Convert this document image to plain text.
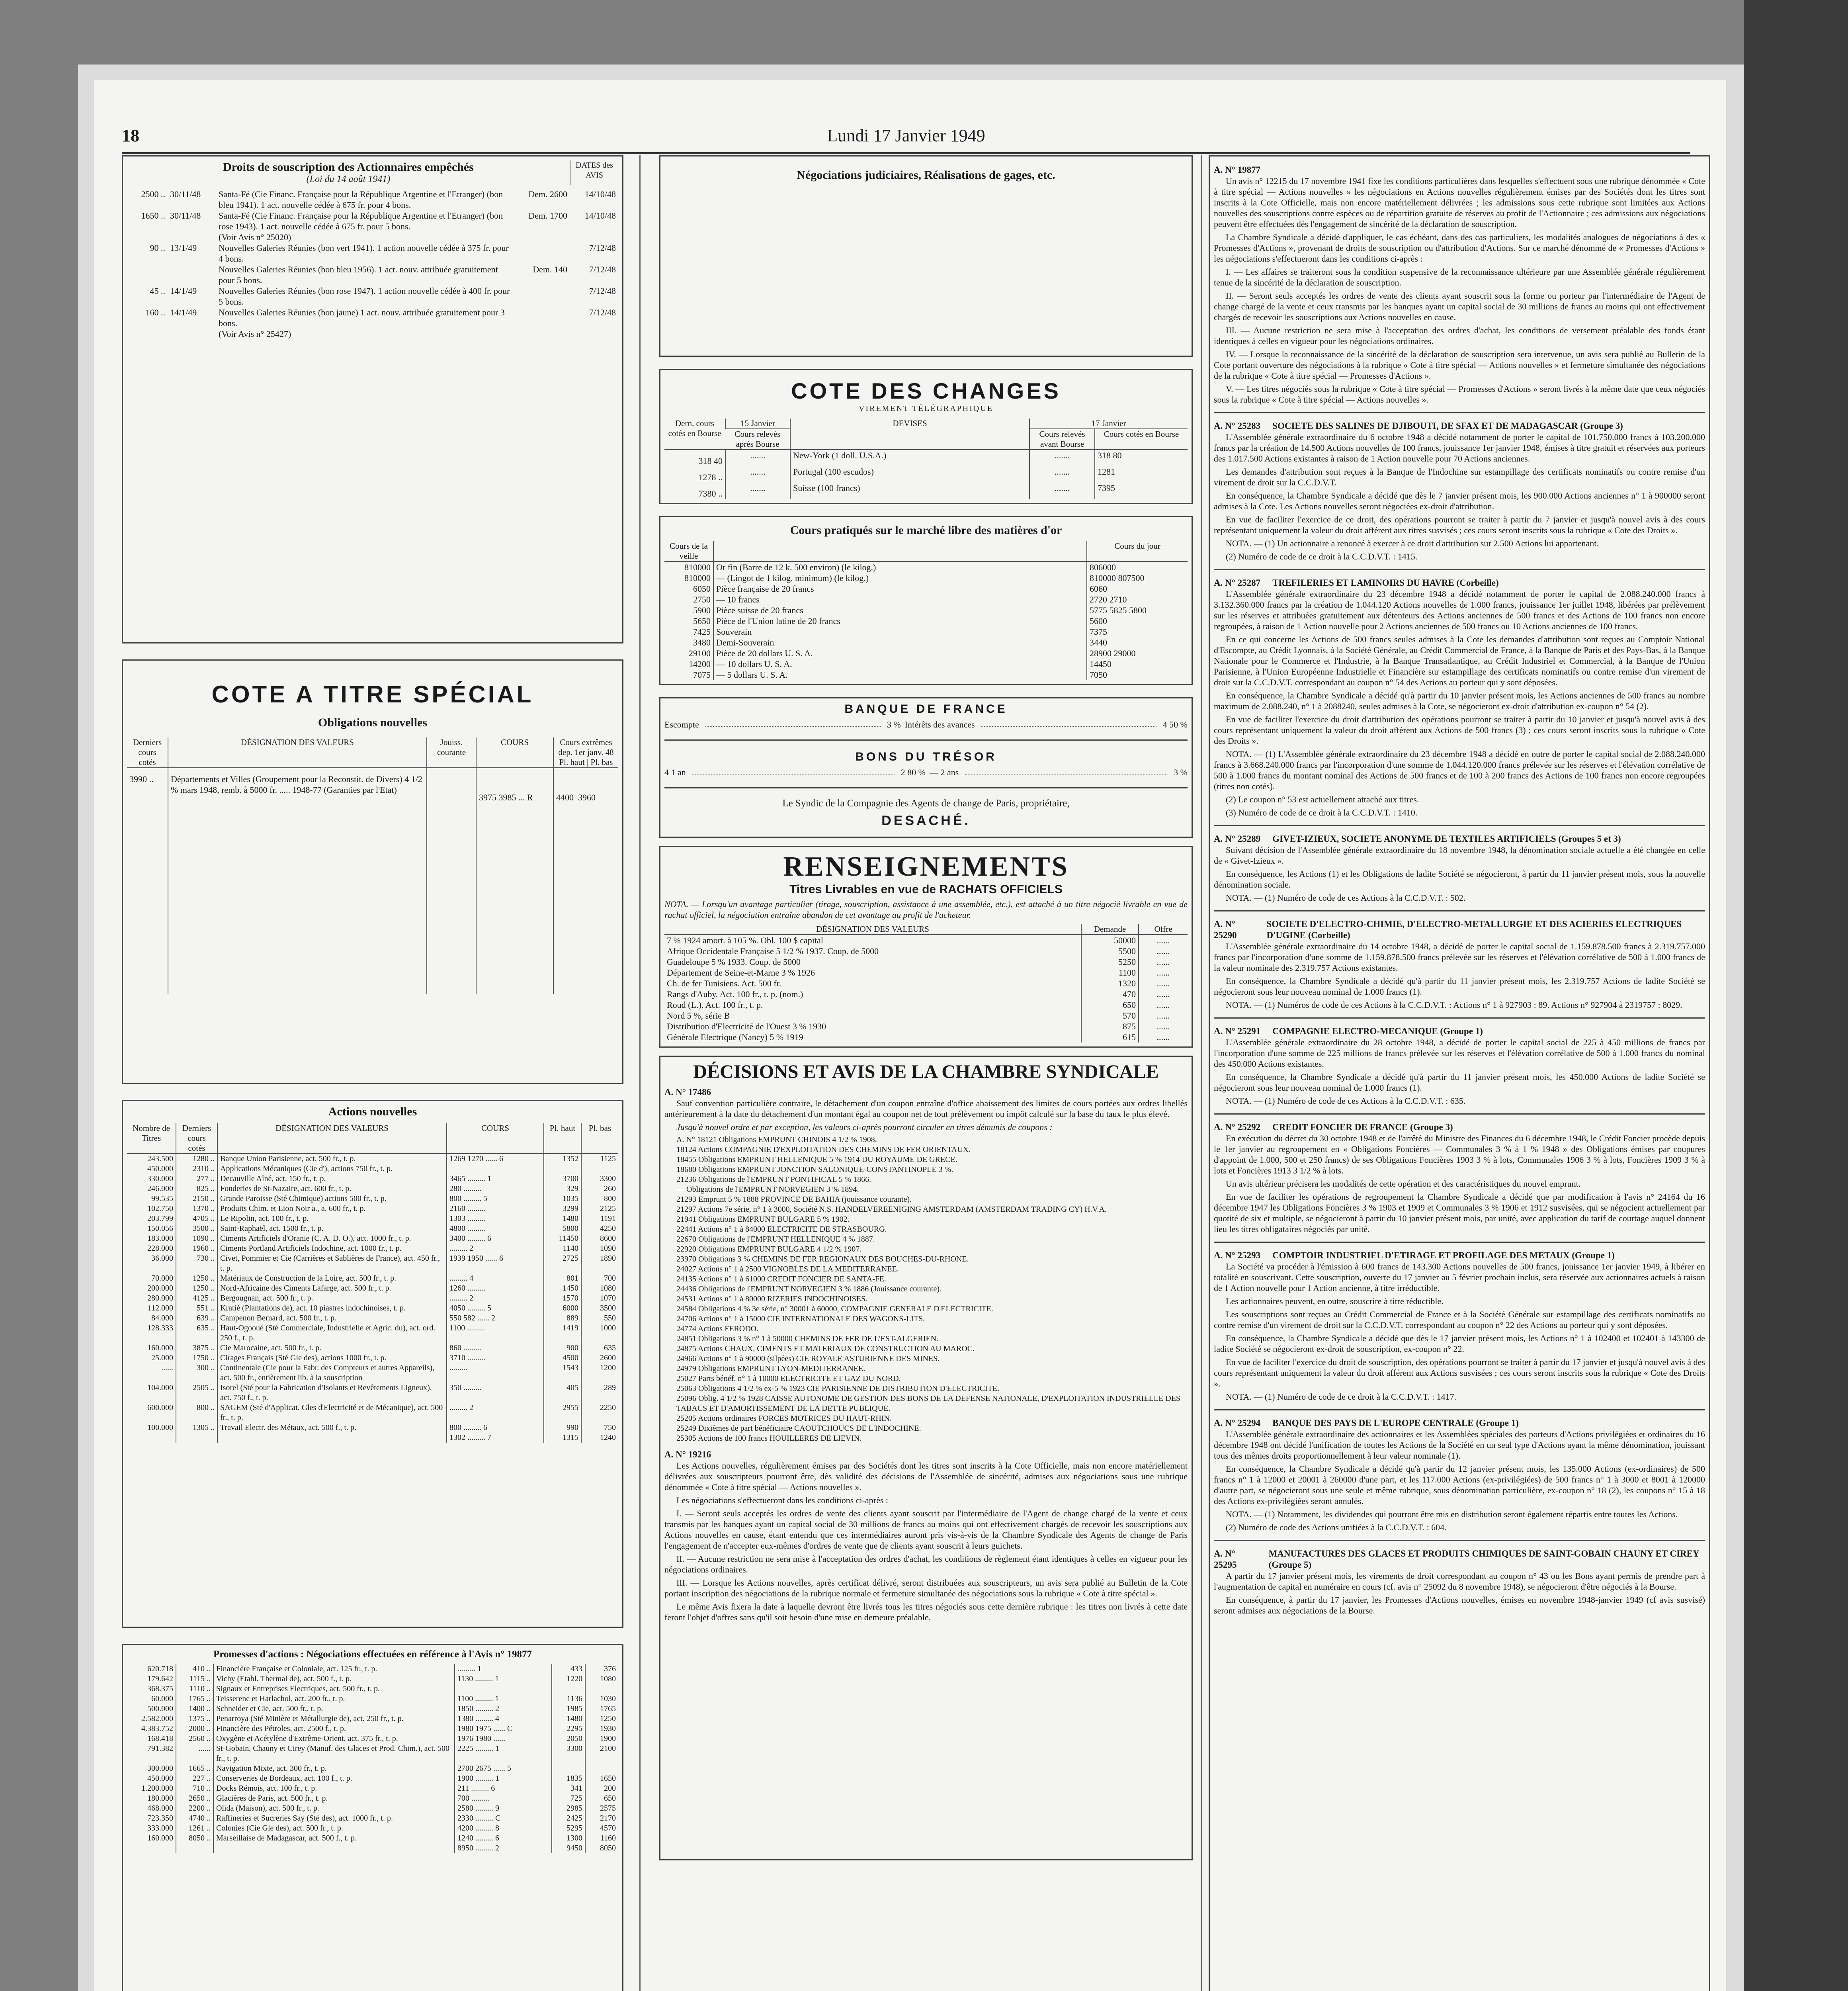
18	Lundi 17 Janvier 1949
Droits de souscription des Actionnaires empêchés
(Loi du 14 août 1941)
DATES des AVIS
2500 ..	30/11/48	Santa-Fé (Cie Financ. Française pour la République Argentine et l'Etranger) (bon bleu 1941). 1 act. nouvelle cédée à 675 fr. pour 4 bons.	Dem. 2600	14/10/48
1650 ..	30/11/48	Santa-Fé (Cie Financ. Française pour la République Argentine et l'Etranger) (bon rose 1943). 1 act. nouvelle cédée à 675 fr. pour 5 bons.	Dem. 1700	14/10/48
		(Voir Avis n° 25020)		
90 ..	13/1/49	Nouvelles Galeries Réunies (bon vert 1941). 1 action nouvelle cédée à 375 fr. pour 4 bons.		7/12/48
		Nouvelles Galeries Réunies (bon bleu 1956). 1 act. nouv. attribuée gratuitement pour 5 bons.	Dem. 140	7/12/48
45 ..	14/1/49	Nouvelles Galeries Réunies (bon rose 1947). 1 action nouvelle cédée à 400 fr. pour 5 bons.		7/12/48
160 ..	14/1/49	Nouvelles Galeries Réunies (bon jaune) 1 act. nouv. attribuée gratuitement pour 3 bons.		7/12/48
		(Voir Avis n° 25427)		
COTE A TITRE SPÉCIAL
Obligations nouvelles
Derniers cours cotés	DÉSIGNATION DES VALEURS	Jouiss. courante	COURS	Cours extrêmes dep. 1er janv. 48
Pl. haut | Pl. bas
3990 ..	Départements et Villes (Groupement pour la Reconstit. de Divers) 4 1/2 % mars 1948, remb. à 5000 fr. ..... 1948-77 (Garanties par l'Etat)		3975 3985 ... R	4400 3960

Actions nouvelles
Nombre de Titres	Derniers cours cotés	DÉSIGNATION DES VALEURS	COURS	Pl. haut	Pl. bas
243.500	1280 ..	Banque Union Parisienne, act. 500 fr., t. p.	1269 1270 ...... 6	1352	1125
450.000	2310 ..	Applications Mécaniques (Cie d'), actions 750 fr., t. p.			
330.000	277 ..	Decauville Aîné, act. 150 fr., t. p.	3465 ......... 1	3700	3300
246.000	825 ..	Fonderies de St-Nazaire, act. 600 fr., t. p.	280 .........	329	260
99.535	2150 ..	Grande Paroisse (Sté Chimique) actions 500 fr., t. p.	800 ......... 5	1035	800
102.750	1370 ..	Produits Chim. et Lion Noir a., a. 600 fr., t. p.	2160 .........	3299	2125
203.799	4705 ..	Le Ripolin, act. 100 fr., t. p.	1303 .........	1480	1191
150.056	3500 ..	Saint-Raphaël, act. 1500 fr., t. p.	4800 .........	5800	4250
183.000	1090 ..	Ciments Artificiels d'Oranie (C. A. D. O.), act. 1000 fr., t. p.	3400 ......... 6	11450	8600
228.000	1960 ..	Ciments Portland Artificiels Indochine, act. 1000 fr., t. p.	......... 2	1140	1090
36.000	730 ..	Civet, Pommier et Cie (Carrières et Sablières de France), act. 450 fr., t. p.	1939 1950 ...... 6	2725	1890
70.000	1250 ..	Matériaux de Construction de la Loire, act. 500 fr., t. p.	......... 4	801	700
200.000	1250 ..	Nord-Africaine des Ciments Lafarge, act. 500 fr., t. p.	1260 .........	1450	1080
280.000	4125 ..	Bergougnan, act. 500 fr., t. p.	......... 2	1570	1070
112.000	551 ..	Kratié (Plantations de), act. 10 piastres indochinoises, t. p.	4050 ......... 5	6000	3500
84.000	639 ..	Campenon Bernard, act. 500 fr., t. p.	550 582 ...... 2	889	550
128.333	635 ..	Haut-Ogooué (Sté Commerciale, Industrielle et Agric. du), act. ord. 250 f., t. p.	1100 .........	1419	1000
160.000	3875 ..	Cie Marocaine, act. 500 fr., t. p.	860 .........	900	635
25.000	1750 ..	Cirages Français (Sté Gle des), actions 1000 fr., t. p.	3710 .........	4500	2600
......	300 ..	Continentale (Cie pour la Fabr. des Compteurs et autres Appareils), act. 500 fr., entièrement lib. à la souscription	.........	1543	1200
104.000	2505 ..	Isorel (Sté pour la Fabrication d'Isolants et Revêtements Ligneux), act. 750 f., t. p.	350 .........	405	289
600.000	800 ..	SAGEM (Sté d'Applicat. Gles d'Electricité et de Mécanique), act. 500 fr., t. p.	......... 2	2955	2250
100.000	1305 ..	Travail Electr. des Métaux, act. 500 f., t. p.	800 ......... 6	990	750
			1302 ......... 7	1315	1240
Promesses d'actions : Négociations effectuées en référence à l'Avis n° 19877
620.718	410 ..	Financière Française et Coloniale, act. 125 fr., t. p.	......... 1	433	376
179.642	1115 ..	Vichy (Etabl. Thermal de), act. 500 f., t. p.	1130 ......... 1	1220	1080
368.375	1110 ..	Signaux et Entreprises Electriques, act. 500 fr., t. p.			
60.000	1765 ..	Teisserenc et Harlachol, act. 200 fr., t. p.	1100 ......... 1	1136	1030
500.000	1400 ..	Schneider et Cie, act. 500 fr., t. p.	1850 ......... 2	1985	1765
2.582.000	1375 ..	Penarroya (Sté Minière et Métallurgie de), act. 250 fr., t. p.	1380 ......... 4	1480	1250
4.383.752	2000 ..	Financière des Pétroles, act. 2500 f., t. p.	1980 1975 ...... C	2295	1930
168.418	2560 ..	Oxygène et Acétylène d'Extrême-Orient, act. 375 fr., t. p.	1976 1980 ......	2050	1900
791.382	......	St-Gobain, Chauny et Cirey (Manuf. des Glaces et Prod. Chim.), act. 500 fr., t. p.	2225 ......... 1	3300	2100
300.000	1665 ..	Navigation Mixte, act. 300 fr., t. p.	2700 2675 ...... 5		
450.000	227 ..	Conserveries de Bordeaux, act. 100 f., t. p.	1900 ......... 1	1835	1650
1.200.000	710 ..	Docks Rémois, act. 100 fr., t. p.	211 ......... 6	341	200
180.000	2650 ..	Glacières de Paris, act. 500 fr., t. p.	700 .........	725	650
468.000	2200 ..	Olida (Maison), act. 500 fr., t. p.	2580 ......... 9	2985	2575
723.350	4740 ..	Raffineries et Sucreries Say (Sté des), act. 1000 fr., t. p.	2330 ......... C	2425	2170
333.000	1261 ..	Colonies (Cie Gle des), act. 500 fr., t. p.	4200 ......... 8	5295	4570
160.000	8050 ..	Marseillaise de Madagascar, act. 500 f., t. p.	1240 ......... 6	1300	1160
			8950 ......... 2	9450	8050
Négociations judiciaires, Réalisations de gages, etc.
COTE DES CHANGES
VIREMENT TÉLÉGRAPHIQUE
Dern. cours cotés en Bourse	15 Janvier	DEVISES	17 Janvier	
	Cours relevés après Bourse		Cours relevés avant Bourse	Cours cotés en Bourse
318 40	.......	New-York (1 doll. U.S.A.)	.......	318 80
1278 ..	.......	Portugal (100 escudos)	.......	1281
7380 ..	.......	Suisse (100 francs)	.......	7395
Cours pratiqués sur le marché libre des matières d'or
Cours de la veille		Cours du jour
810000	Or fin (Barre de 12 k. 500 environ) (le kilog.)	806000
810000	— (Lingot de 1 kilog. minimum) (le kilog.)	810000 807500
6050	Pièce française de 20 francs	6060
2750	— 10 francs	2720 2710
5900	Pièce suisse de 20 francs	5775 5825 5800
5650	Pièce de l'Union latine de 20 francs	5600
7425	Souverain	7375
3480	Demi-Souverain	3440
29100	Pièce de 20 dollars U. S. A.	28900 29000
14200	— 10 dollars U. S. A.	14450
7075	— 5 dollars U. S. A.	7050
BANQUE DE FRANCE
Escompte	3 % Intérêts des avances	4 50 %
BONS DU TRÉSOR
4 1 an	2 80 % — 2 ans	3 %
Le Syndic de la Compagnie des Agents de change de Paris, propriétaire,
DESACHÉ.
RENSEIGNEMENTS
Titres Livrables en vue de RACHATS OFFICIELS
NOTA. — Lorsqu'un avantage particulier (tirage, souscription, assistance à une assemblée, etc.), est attaché à un titre négocié livrable en vue de rachat officiel, la négociation entraîne abandon de cet avantage au profit de l'acheteur.
DÉSIGNATION DES VALEURS	Demande	Offre
7 % 1924 amort. à 105 %. Obl. 100 $ capital	50000	......
Afrique Occidentale Française 5 1/2 % 1937. Coup. de 5000	5500	......
Guadeloupe 5 % 1933. Coup. de 5000	5250	......
Département de Seine-et-Marne 3 % 1926	1100	......
Ch. de fer Tunisiens. Act. 500 fr.	1320	......
Rangs d'Auby. Act. 100 fr., t. p. (nom.)	470	......
Roud (L.). Act. 100 fr., t. p.	650	......
Nord 5 %, série B	570	......
Distribution d'Electricité de l'Ouest 3 % 1930	875	......
Générale Electrique (Nancy) 5 % 1919	615	......
DÉCISIONS ET AVIS DE LA CHAMBRE SYNDICALE
A. N° 17486

Sauf convention particulière contraire, le détachement d'un coupon entraîne d'office abaissement des limites de cours portées aux ordres libellés antérieurement à la date du détachement d'un montant égal au coupon net de tout prélèvement ou impôt calculé sur la base du taux le plus élevé.

Jusqu'à nouvel ordre et par exception, les valeurs ci-après pourront circuler en titres démunis de coupons :

A. N° 18121 Obligations EMPRUNT CHINOIS 4 1/2 % 1908.
18124 Actions COMPAGNIE D'EXPLOITATION DES CHEMINS DE FER ORIENTAUX.
18455 Obligations EMPRUNT HELLENIQUE 5 % 1914 DU ROYAUME DE GRECE.
18680 Obligations EMPRUNT JONCTION SALONIQUE-CONSTANTINOPLE 3 %.
21236 Obligations de l'EMPRUNT PONTIFICAL 5 % 1866.
— Obligations de l'EMPRUNT NORVEGIEN 3 % 1894.
21293 Emprunt 5 % 1888 PROVINCE DE BAHIA (jouissance courante).
21297 Actions 7e série, n° 1 à 3000, Société N.S. HANDELVEREENIGING AMSTERDAM (AMSTERDAM TRADING CY) H.V.A.
21941 Obligations EMPRUNT BULGARE 5 % 1902.
22441 Actions n° 1 à 84000 ELECTRICITE DE STRASBOURG.
22670 Obligations de l'EMPRUNT HELLENIQUE 4 % 1887.
22920 Obligations EMPRUNT BULGARE 4 1/2 % 1907.
23970 Obligations 3 % CHEMINS DE FER REGIONAUX DES BOUCHES-DU-RHONE.
24027 Actions n° 1 à 2500 VIGNOBLES DE LA MEDITERRANEE.
24135 Actions n° 1 à 61000 CREDIT FONCIER DE SANTA-FE.
24436 Obligations de l'EMPRUNT NORVEGIEN 3 % 1886 (Jouissance courante).
24531 Actions n° 1 à 80000 RIZERIES INDOCHINOISES.
24584 Obligations 4 % 3e série, n° 30001 à 60000, COMPAGNIE GENERALE D'ELECTRICITE.
24706 Actions n° 1 à 15000 CIE INTERNATIONALE DES WAGONS-LITS.
24774 Actions FERODO.
24851 Obligations 3 % n° 1 à 50000 CHEMINS DE FER DE L'EST-ALGERIEN.
24875 Actions CHAUX, CIMENTS ET MATERIAUX DE CONSTRUCTION AU MAROC.
24966 Actions n° 1 à 90000 (silpées) CIE ROYALE ASTURIENNE DES MINES.
24979 Obligations EMPRUNT LYON-MEDITERRANEE.
25027 Parts bénéf. n° 1 à 10000 ELECTRICITE ET GAZ DU NORD.
25063 Obligations 4 1/2 % ex-5 % 1923 CIE PARISIENNE DE DISTRIBUTION D'ELECTRICITE.
25096 Oblig. 4 1/2 % 1928 CAISSE AUTONOME DE GESTION DES BONS DE LA DEFENSE NATIONALE, D'EXPLOITATION INDUSTRIELLE DES TABACS ET D'AMORTISSEMENT DE LA DETTE PUBLIQUE.
25205 Actions ordinaires FORCES MOTRICES DU HAUT-RHIN.
25249 Dixièmes de part bénéficiaire CAOUTCHOUCS DE L'INDOCHINE.
25305 Actions de 100 francs HOUILLERES DE LIEVIN.
A. N° 19216

Les Actions nouvelles, régulièrement émises par des Sociétés dont les titres sont inscrits à la Cote Officielle, mais non encore matériellement délivrées aux souscripteurs pourront être, dès validité des décisions de l'Assemblée de sincérité, admises aux négociations sous une rubrique dénommée « Cote à titre spécial — Actions nouvelles ».

Les négociations s'effectueront dans les conditions ci-après :

I. — Seront seuls acceptés les ordres de vente des clients ayant souscrit par l'intermédiaire de l'Agent de change chargé de la vente et ceux transmis par les banques ayant un capital social de 30 millions de francs au moins qui ont effectivement chargés de recevoir les souscriptions aux Actions nouvelles en cause, étant entendu que ces intermédiaires auront pris vis-à-vis de la Chambre Syndicale des Agents de change de Paris l'engagement de n'accepter eux-mêmes d'ordres de vente que de clients ayant souscrit à leurs guichets.

II. — Aucune restriction ne sera mise à l'acceptation des ordres d'achat, les conditions de règlement étant identiques à celles en vigueur pour les négociations ordinaires.

III. — Lorsque les Actions nouvelles, après certificat délivré, seront distribuées aux souscripteurs, un avis sera publié au Bulletin de la Cote portant inscription des négociations de la rubrique normale et fermeture simultanée des négociations sous la rubrique « Cote à titre spécial ».

Le même Avis fixera la date à laquelle devront être livrés tous les titres négociés sous cette dernière rubrique : les titres non livrés à cette date feront l'objet d'offres sans qu'il soit besoin d'une mise en demeure préalable.

A. N° 19877

Un avis n° 12215 du 17 novembre 1941 fixe les conditions particulières dans lesquelles s'effectuent sous une rubrique dénommée « Cote à titre spécial — Actions nouvelles » les négociations en Actions nouvelles régulièrement émises par des Sociétés dont les titres sont inscrits à la Cote Officielle, mais non encore matériellement délivrées ; les admissions sous cette rubrique sont limitées aux Actions nouvelles des souscriptions contre espèces ou de répartition gratuite de réserves au profit de l'Actionnaire ; ces admissions aux négociations peuvent être effectuées dès l'engagement de sincérité de la déclaration de souscription.

La Chambre Syndicale a décidé d'appliquer, le cas échéant, dans des cas particuliers, les modalités analogues de négociations à des « Promesses d'Actions », provenant de droits de souscription ou d'attribution d'Actions. Sur ce marché dénommé de « Promesses d'Actions » les négociations s'effectueront dans les conditions ci-après :

I. — Les affaires se traiteront sous la condition suspensive de la reconnaissance ultérieure par une Assemblée générale régulièrement tenue de la sincérité de la déclaration de souscription.

II. — Seront seuls acceptés les ordres de vente des clients ayant souscrit sous la forme ou porteur par l'intermédiaire de l'Agent de change chargé de la vente et ceux transmis par les banques ayant un capital social de 30 millions de francs au moins qui ont effectivement chargés de recevoir les souscriptions aux Actions nouvelles en cause.

III. — Aucune restriction ne sera mise à l'acceptation des ordres d'achat, les conditions de versement préalable des fonds étant identiques à celles en vigueur pour les négociations ordinaires.

IV. — Lorsque la reconnaissance de la sincérité de la déclaration de souscription sera intervenue, un avis sera publié au Bulletin de la Cote portant ouverture des négociations à la rubrique « Cote à titre spécial — Actions nouvelles » et fermeture simultanée des négociations de la rubrique « Cote à titre spécial — Promesses d'Actions ».

V. — Les titres négociés sous la rubrique « Cote à titre spécial — Promesses d'Actions » seront livrés à la même date que ceux négociés sous la rubrique « Cote à titre spécial — Actions nouvelles ».

A. N° 25283 SOCIETE DES SALINES DE DJIBOUTI, DE SFAX ET DE MADAGASCAR (Groupe 3)

L'Assemblée générale extraordinaire du 6 octobre 1948 a décidé notamment de porter le capital de 101.750.000 francs à 103.200.000 francs par la création de 14.500 Actions nouvelles de 100 francs, jouissance 1er janvier 1948, émises à titre gratuit et réservées aux porteurs des 1.017.500 Actions existantes à raison de 1 Action nouvelle pour 70 Actions anciennes.

Les demandes d'attribution sont reçues à la Banque de l'Indochine sur estampillage des certificats nominatifs ou contre remise d'un virement de droit sur la C.C.D.V.T.

En conséquence, la Chambre Syndicale a décidé que dès le 7 janvier présent mois, les 900.000 Actions anciennes n° 1 à 900000 seront admises à la Cote. Les Actions nouvelles seront négociées ex-droit d'attribution.

En vue de faciliter l'exercice de ce droit, des opérations pourront se traiter à partir du 7 janvier et jusqu'à nouvel avis à des cours représentant uniquement la valeur du droit afférent aux titres susvisés ; ces cours seront inscrits sous la rubrique « Cote des Droits ».

NOTA. — (1) Un actionnaire a renoncé à exercer à ce droit d'attribution sur 2.500 Actions lui appartenant.

(2) Numéro de code de ce droit à la C.C.D.V.T. : 1415.

A. N° 25287 TREFILERIES ET LAMINOIRS DU HAVRE (Corbeille)

L'Assemblée générale extraordinaire du 23 décembre 1948 a décidé notamment de porter le capital de 2.088.240.000 francs à 3.132.360.000 francs par la création de 1.044.120 Actions nouvelles de 1.000 francs, jouissance 1er juillet 1948, libérées par prélèvement sur les réserves et attribuées gratuitement aux détenteurs des Actions anciennes de 500 francs et des Actions de 100 francs non encore regroupées, à raison de 1 Action nouvelle pour 2 Actions anciennes de 500 francs ou 10 Actions anciennes de 100 francs.

En ce qui concerne les Actions de 500 francs seules admises à la Cote les demandes d'attribution sont reçues au Comptoir National d'Escompte, au Crédit Lyonnais, à la Société Générale, au Crédit Commercial de France, à la Banque de Paris et des Pays-Bas, à la Banque Nationale pour le Commerce et l'Industrie, à la Banque Transatlantique, au Crédit Industriel et Commercial, à la Banque de l'Union Parisienne, à l'Union Européenne Industrielle et Financière sur estampillage des certificats nominatifs ou contre remise d'un virement de droit sur la C.C.D.V.T. correspondant au coupon n° 54 des Actions au porteur qui y sont déposées.

En conséquence, la Chambre Syndicale a décidé qu'à partir du 10 janvier présent mois, les Actions anciennes de 500 francs au nombre maximum de 2.088.240, n° 1 à 2088240, seules admises à la Cote, se négocieront ex-droit d'attribution ex-coupon n° 54 (2).

En vue de faciliter l'exercice du droit d'attribution des opérations pourront se traiter à partir du 10 janvier et jusqu'à nouvel avis à des cours représentant uniquement la valeur du droit afférent aux Actions de 500 francs (3) ; ces cours seront inscrits sous la rubrique « Cote des Droits ».

NOTA. — (1) L'Assemblée générale extraordinaire du 23 décembre 1948 a décidé en outre de porter le capital social de 2.088.240.000 francs à 3.668.240.000 francs par l'incorporation d'une somme de 1.044.120.000 francs prélevée sur les réserves et l'élévation corrélative de 500 à 1.000 francs du montant nominal des Actions de 500 francs et de 100 à 200 francs des Actions de 100 francs non encore regroupées (titres non cotés).

(2) Le coupon n° 53 est actuellement attaché aux titres.

(3) Numéro de code de ce droit à la C.C.D.V.T. : 1410.

A. N° 25289 GIVET-IZIEUX, SOCIETE ANONYME DE TEXTILES ARTIFICIELS (Groupes 5 et 3)

Suivant décision de l'Assemblée générale extraordinaire du 18 novembre 1948, la dénomination sociale actuelle a été changée en celle de « Givet-Izieux ».

En conséquence, les Actions (1) et les Obligations de ladite Société se négocieront, à partir du 11 janvier présent mois, sous la nouvelle dénomination sociale.

NOTA. — (1) Numéro de code de ces Actions à la C.C.D.V.T. : 502.

A. N° 25290
SOCIETE D'ELECTRO-CHIMIE, D'ELECTRO-METALLURGIE ET DES ACIERIES ELECTRIQUES D'UGINE (Corbeille)

L'Assemblée générale extraordinaire du 14 octobre 1948, a décidé de porter le capital social de 1.159.878.500 francs à 2.319.757.000 francs par l'incorporation d'une somme de 1.159.878.500 francs prélevée sur les réserves et l'élévation corrélative de 500 à 1.000 francs de la valeur nominale des 2.319.757 Actions existantes.

En conséquence, la Chambre Syndicale a décidé qu'à partir du 11 janvier présent mois, les 2.319.757 Actions de ladite Société se négocieront sous leur nouveau nominal de 1.000 francs (1).

NOTA. — (1) Numéros de code de ces Actions à la C.C.D.V.T. : Actions n° 1 à 927903 : 89. Actions n° 927904 à 2319757 : 8029.

A. N° 25291 COMPAGNIE ELECTRO-MECANIQUE (Groupe 1)

L'Assemblée générale extraordinaire du 28 octobre 1948, a décidé de porter le capital social de 225 à 450 millions de francs par l'incorporation d'une somme de 225 millions de francs prélevée sur les réserves et l'élévation corrélative de 500 à 1.000 francs du nominal des 450.000 Actions existantes.

En conséquence, la Chambre Syndicale a décidé qu'à partir du 11 janvier présent mois, les 450.000 Actions de ladite Société se négocieront sous leur nouveau nominal de 1.000 francs (1).

NOTA. — (1) Numéro de code de ces Actions à la C.C.D.V.T. : 635.

A. N° 25292 CREDIT FONCIER DE FRANCE (Groupe 3)

En exécution du décret du 30 octobre 1948 et de l'arrêté du Ministre des Finances du 6 décembre 1948, le Crédit Foncier procède depuis le 1er janvier au regroupement en « Obligations Foncières — Communales 3 % à 1 % 1948 » des Obligations émises par coupures d'appoint de 1.000, 500 et 250 francs) de ses Obligations Foncières 1903 3 % à lots, Communales 1906 3 % à lots, Foncières 1909 3 % à lots et Foncières 1913 3 1/2 % à lots.

Un avis ultérieur précisera les modalités de cette opération et des caractéristiques du nouvel emprunt.

En vue de faciliter les opérations de regroupement la Chambre Syndicale a décidé que par modification à l'avis n° 24164 du 16 décembre 1947 les Obligations Foncières 3 % 1903 et 1909 et Communales 3 % 1906 et 1912 susvisées, qui se négocient actuellement par quotité de six et multiple, se négocieront à partir du 10 janvier présent mois, par unité, avec application du tarif de courtage auquel donnent lieu les titres obligataires négociés par unité.

A. N° 25293 COMPTOIR INDUSTRIEL D'ETIRAGE ET PROFILAGE DES METAUX (Groupe 1)

La Société va procéder à l'émission à 600 francs de 143.300 Actions nouvelles de 500 francs, jouissance 1er janvier 1949, à libérer en totalité en souscrivant. Cette souscription, ouverte du 17 janvier au 5 février prochain inclus, sera réservée aux actionnaires actuels à raison de 1 Action nouvelle pour 1 Action ancienne, à titre irréductible.

Les actionnaires peuvent, en outre, souscrire à titre réductible.

Les souscriptions sont reçues au Crédit Commercial de France et à la Société Générale sur estampillage des certificats nominatifs ou contre remise d'un virement de droit sur la C.C.D.V.T. correspondant au coupon n° 22 des Actions au porteur qui y sont déposées.

En conséquence, la Chambre Syndicale a décidé que dès le 17 janvier présent mois, les Actions n° 1 à 102400 et 102401 à 143300 de ladite Société se négocieront ex-droit de souscription, ex-coupon n° 22.

En vue de faciliter l'exercice du droit de souscription, des opérations pourront se traiter à partir du 17 janvier et jusqu'à nouvel avis à des cours représentant uniquement la valeur du droit afférent aux Actions susvisées ; ces cours seront inscrits sous la rubrique « Cote des Droits ».

NOTA. — (1) Numéro de code de ce droit à la C.C.D.V.T. : 1417.

A. N° 25294 BANQUE DES PAYS DE L'EUROPE CENTRALE (Groupe 1)

L'Assemblée générale extraordinaire des actionnaires et les Assemblées spéciales des porteurs d'Actions privilégiées et ordinaires du 16 décembre 1948 ont décidé l'unification de toutes les Actions de la Société en un seul type d'Actions ayant la même dénomination, jouissant tous des mêmes droits proportionnellement à leur valeur nominale (1).

En conséquence, la Chambre Syndicale a décidé qu'à partir du 12 janvier présent mois, les 135.000 Actions (ex-ordinaires) de 500 francs n° 1 à 12000 et 20001 à 260000 d'une part, et les 117.000 Actions (ex-privilégiées) de 500 francs n° 1 à 3000 et 8001 à 120000 d'autre part, se négocieront sous une seule et même rubrique, sous dénomination particulière, ex-coupon n° 18 (2), les coupons n° 15 à 18 des Actions ex-privilégiées seront annulés.

NOTA. — (1) Notamment, les dividendes qui pourront être mis en distribution seront également répartis entre toutes les Actions.

(2) Numéro de code des Actions unifiées à la C.C.D.V.T. : 604.

A. N° 25295
MANUFACTURES DES GLACES ET PRODUITS CHIMIQUES DE SAINT-GOBAIN CHAUNY ET CIREY (Groupe 5)

A partir du 17 janvier présent mois, les virements de droit correspondant au coupon n° 43 ou les Bons ayant permis de prendre part à l'augmentation de capital en numéraire en cours (cf. avis n° 25092 du 8 novembre 1948), se négocieront d'être négociés à la Bourse.

En conséquence, à partir du 17 janvier, les Promesses d'Actions nouvelles, émises en novembre 1948-janvier 1949 (cf avis susvisé) seront admises aux négociations de la Bourse.
